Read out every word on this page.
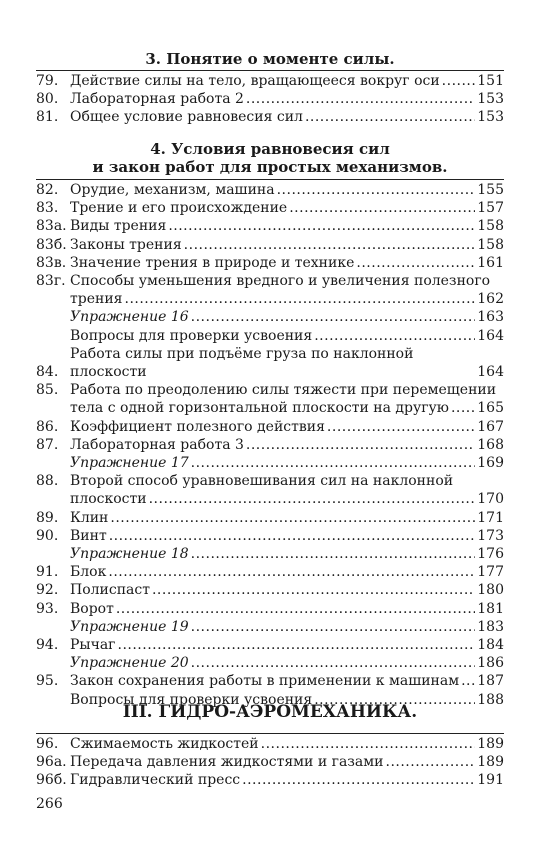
3. Понятие о моменте силы.

79. Действие силы на тело, вращающееся вокруг оси .....	151
80. Лабораторная работа 2 .....	153
81. Общее условие равновесия сил .....	153

4. Условия равновесия сил

и закон работ для простых механизмов.

82. Орудие, механизм, машина .....	155
83. Трение и его происхождение .....	157
83а. Виды трения .....	158
83б. Законы трения .....	158
83в. Значение трения в природе и технике .....	161
83г. Способы уменьшения вредного и увеличения полезного
трения .....	162
Упражнение 16 .....	163
Вопросы для проверки усвоения .....	164
84.
Работа силы при подъёме груза по наклонной плоскости	164
85. Работа по преодолению силы тяжести при перемещении
тела с одной горизонтальной плоскости на другую ..... 165
86. Коэффициент полезного действия .....	167
87. Лабораторная работа 3 .....	168
Упражнение 17 .....	169
88. Второй способ уравновешивания сил на наклонной
плоскости .....	170
89. Клин .....	171
90. Винт .....	173
Упражнение 18 .....	176
91. Блок .....	177
92. Полиспаст .....	180
93. Ворот .....	181
Упражнение 19 .....	183
94. Рычаг .....	184
Упражнение 20 .....	186
95. Закон сохранения работы в применении к машинам ..... 187
Вопросы для проверки усвоения .....	188

III. ГИДРО-АЭРОМЕХАНИКА.

96. Сжимаемость жидкостей .....	189
96а. Передача давления жидкостями и газами .....	189
96б. Гидравлический пресс .....	191
266
